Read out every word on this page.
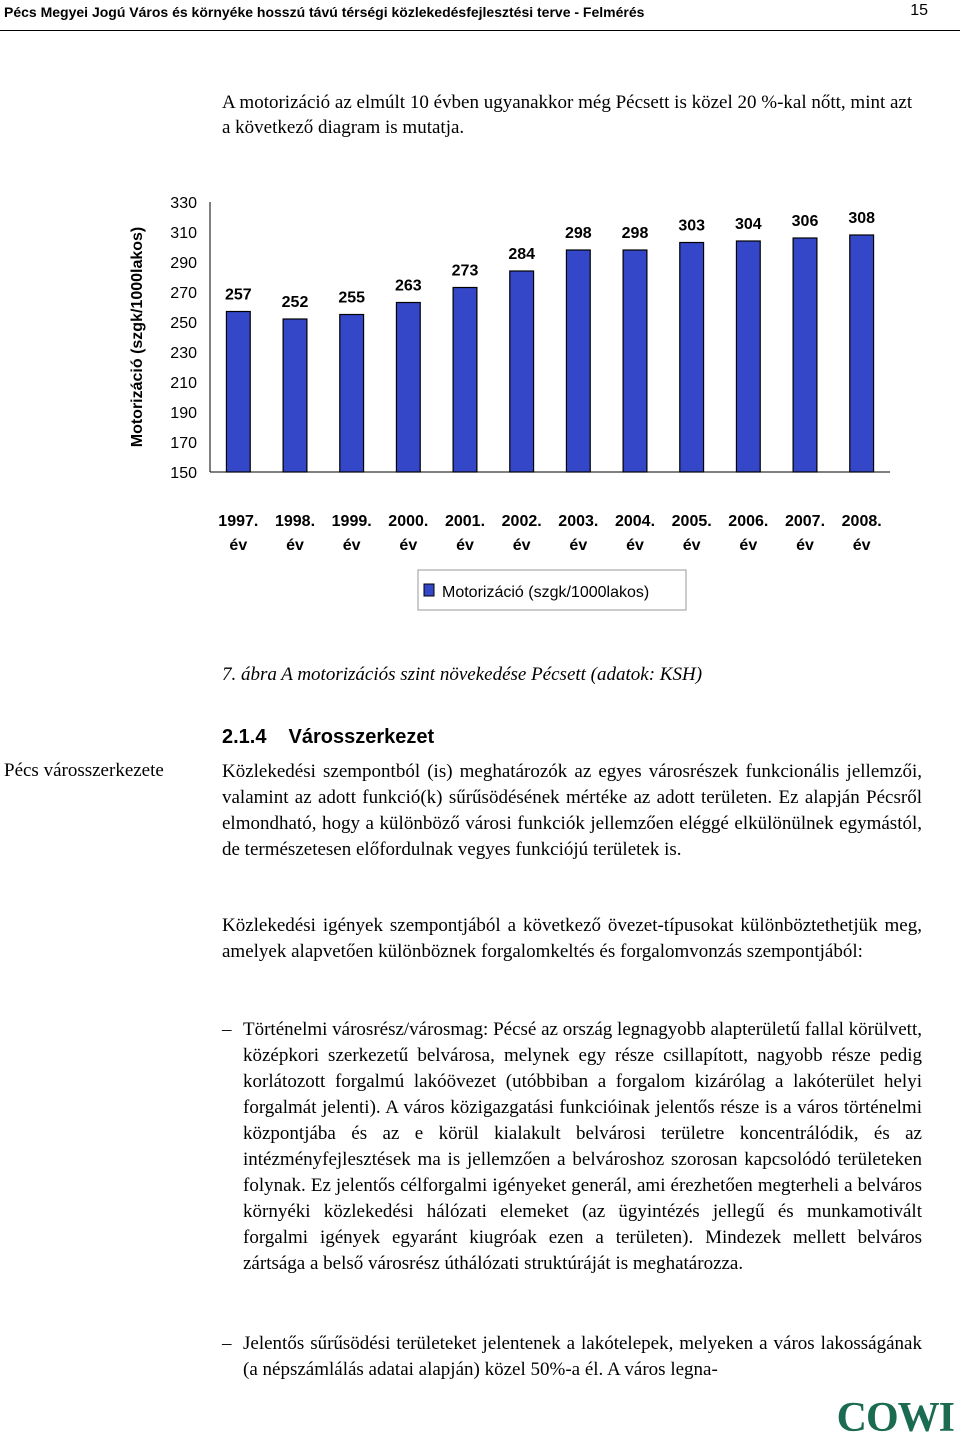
Pécs Megyei Jogú Város és környéke hosszú távú térségi közlekedésfejlesztési terve - Felmérés	15
A motorizáció az elmúlt 10 évben ugyanakkor még Pécsett is közel 20 %-kal nőtt, mint azt a következő diagram is mutatja.
Motorizáció (szgk/1000lakos)
150
170
190
210
230
250
270
290
310
330
257
1997.
év
252
1998.
év
255
1999.
év
263
2000.
év
273
2001.
év
284
2002.
év
298
2003.
év
298
2004.
év
303
2005.
év
304
2006.
év
306
2007.
év
308
2008.
év
Motorizáció (szgk/1000lakos)
7. ábra A motorizációs szint növekedése Pécsett (adatok: KSH)
2.1.4 Városszerkezet
Pécs városszerkezete	Közlekedési szempontból (is) meghatározók az egyes városrészek funkcionális jellemzői, valamint az adott funkció(k) sűrűsödésének mértéke az adott területen. Ez alapján Pécsről elmondható, hogy a különböző városi funkciók jellemzően eléggé elkülönülnek egymástól, de természetesen előfordulnak vegyes funkciójú területek is.
Közlekedési igények szempontjából a következő övezet-típusokat különböztethetjük meg, amelyek alapvetően különböznek forgalomkeltés és forgalomvonzás szempontjából:
– Történelmi városrész/városmag: Pécsé az ország legnagyobb alapterületű fallal körülvett, középkori szerkezetű belvárosa, melynek egy része csillapított, nagyobb része pedig korlátozott forgalmú lakóövezet (utóbbiban a forgalom kizárólag a lakóterület helyi forgalmát jelenti). A város közigazgatási funkcióinak jelentős része is a város történelmi központjába és az e körül kialakult belvárosi területre koncentrálódik, és az intézményfejlesztések ma is jellemzően a belvároshoz szorosan kapcsolódó területeken folynak. Ez jelentős célforgalmi igényeket generál, ami érezhetően megterheli a belváros környéki közlekedési hálózati elemeket (az ügyintézés jellegű és munkamotivált forgalmi igények egyaránt kiugróak ezen a területen). Mindezek mellett belváros zártsága a belső városrész úthálózati struktúráját is meghatározza.
– Jelentős sűrűsödési területeket jelentenek a lakótelepek, melyeken a város lakosságának (a népszámlálás adatai alapján) közel 50%-a él. A város legna-
COWI
